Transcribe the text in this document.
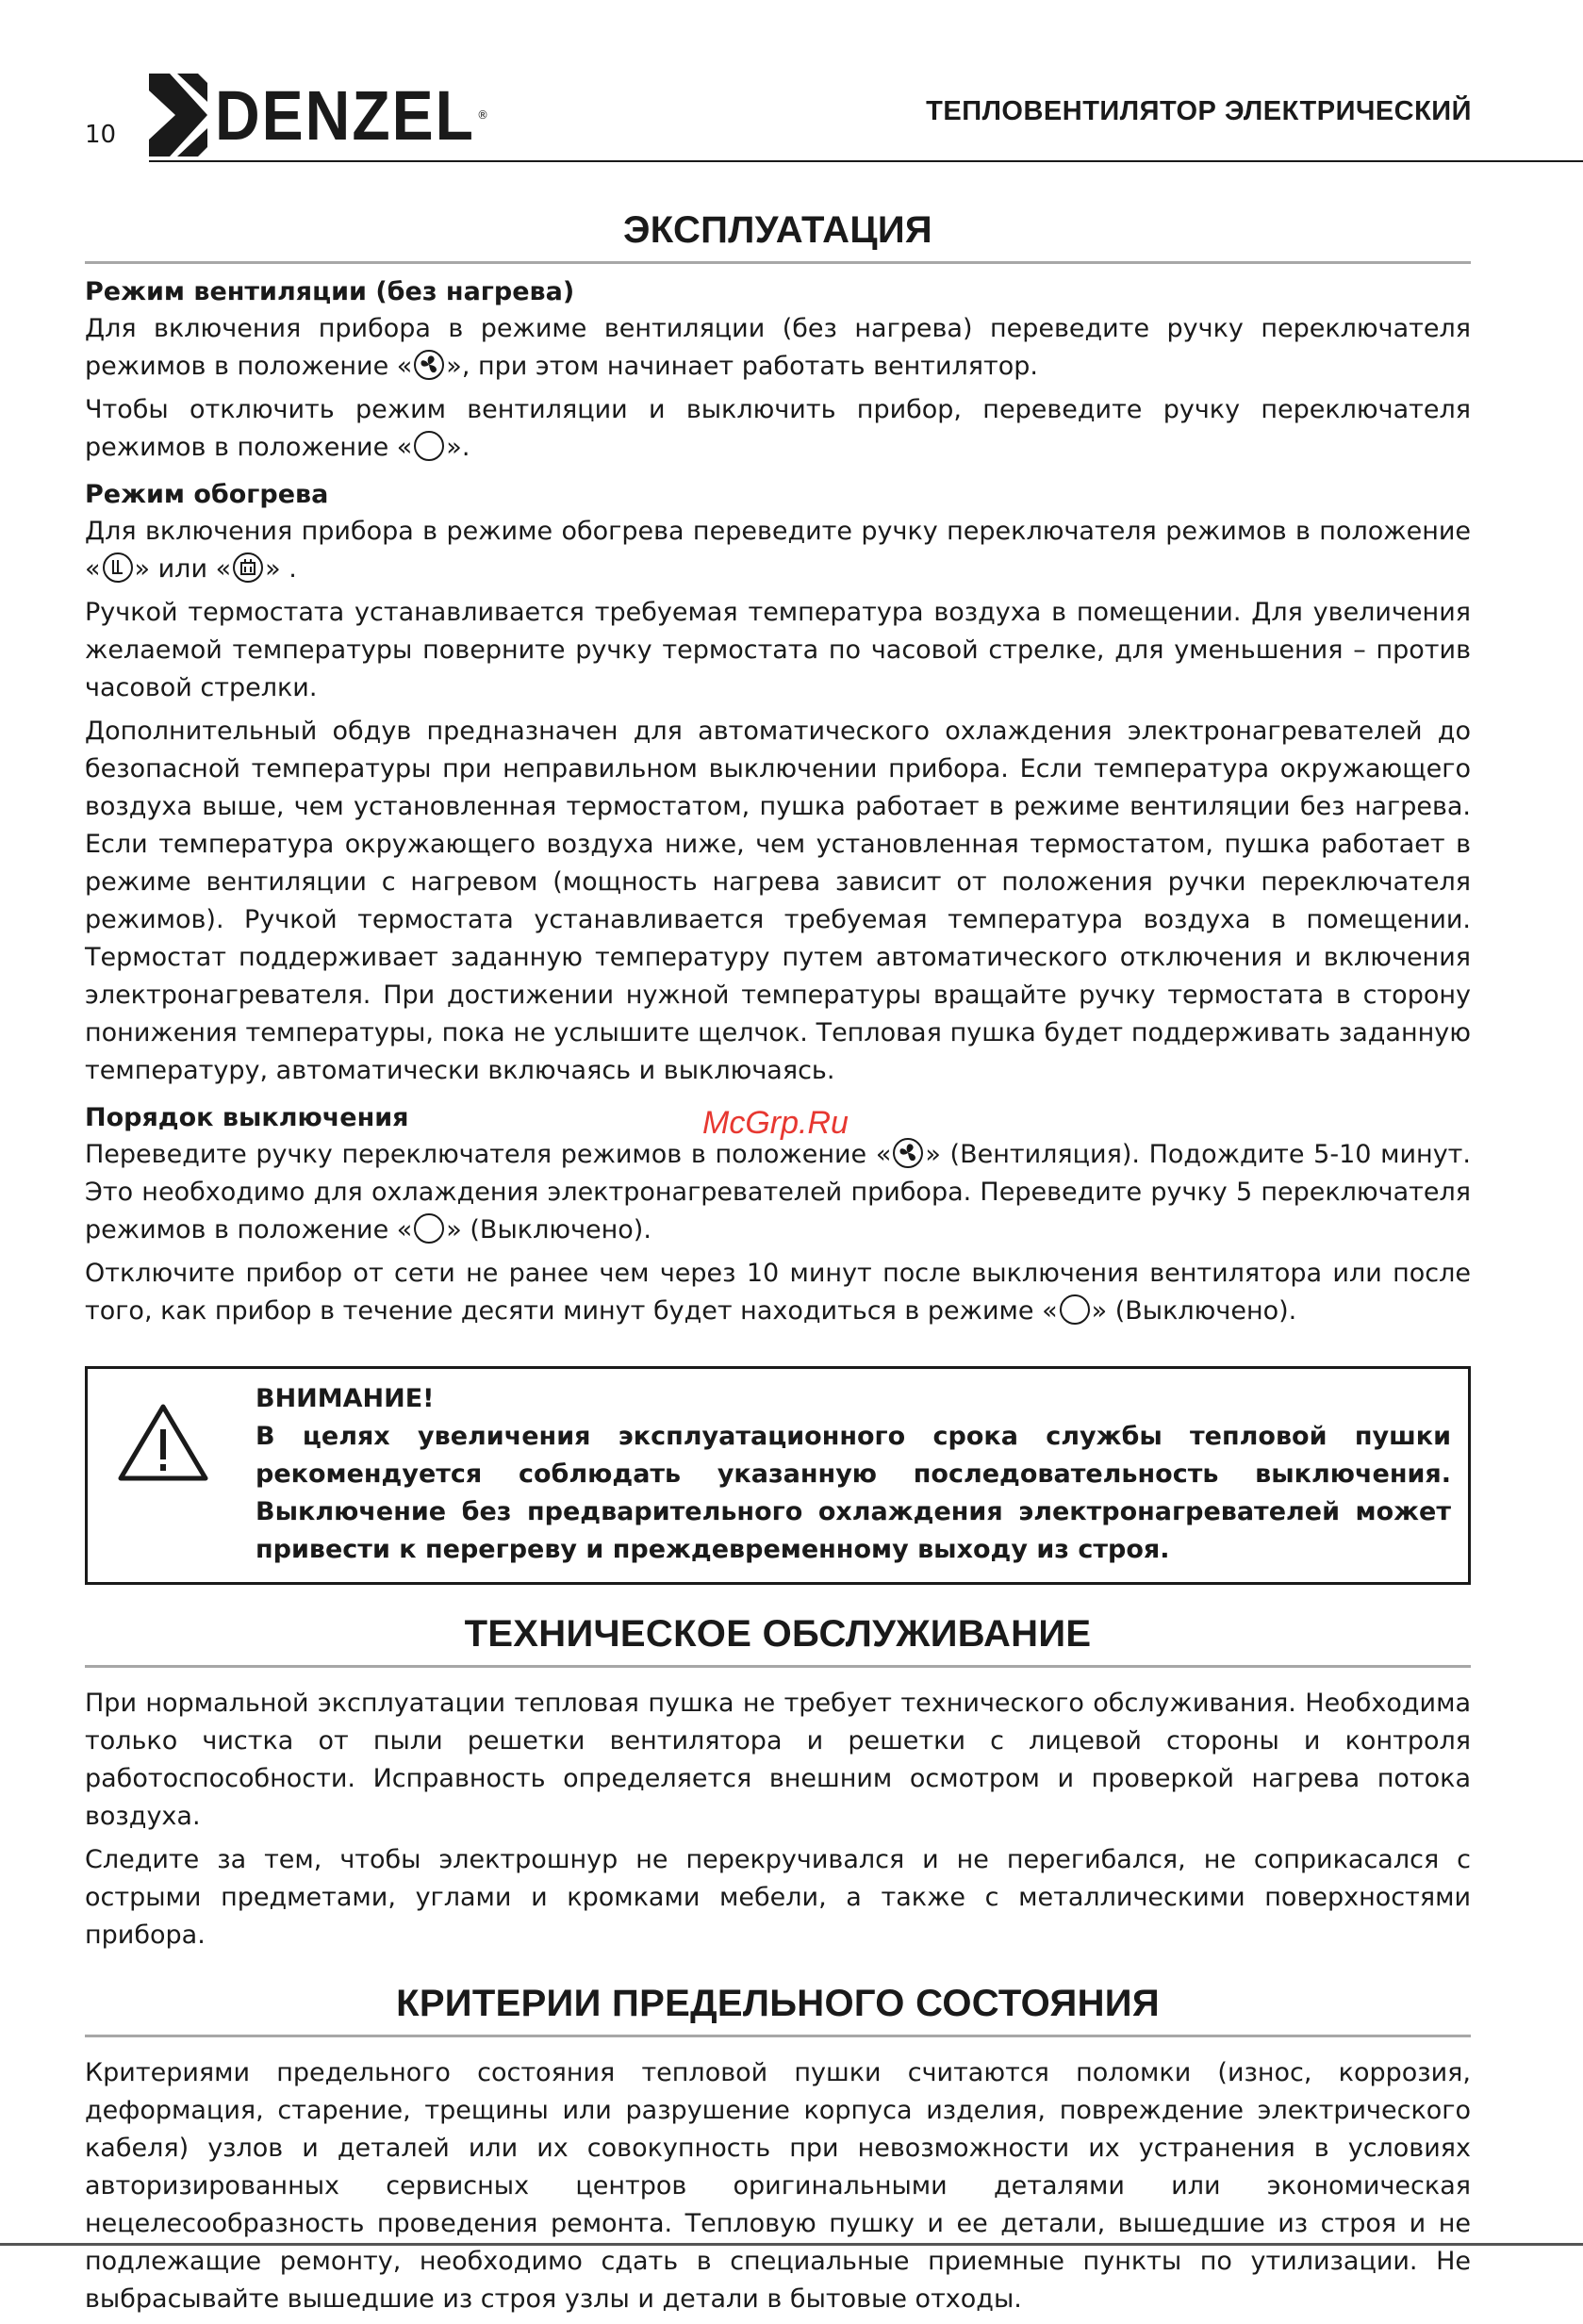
10 DENZEL ®	ТЕПЛОВЕНТИЛЯТОР ЭЛЕКТРИЧЕСКИЙ
McGrp.Ru
ЭКСПЛУАТАЦИЯ
Режим вентиляции (без нагрева)

Для включения прибора в режиме вентиляции (без нагрева) переведите ручку переключателя режимов в положение « », при этом начинает работать вентилятор.

Чтобы отключить режим вентиляции и выключить прибор, переведите ручку переключателя режимов в положение « ».

Режим обогрева

Для включения прибора в режиме обогрева переведите ручку переключателя режимов в положение « » или « » .

Ручкой термостата устанавливается требуемая температура воздуха в помещении. Для увеличения желаемой температуры поверните ручку термостата по часовой стрелке, для уменьшения – против часовой стрелки.

Дополнительный обдув предназначен для автоматического охлаждения электронагревателей до безопасной температуры при неправильном выключении прибора. Если температура окружающего воздуха выше, чем установленная термостатом, пушка работает в режиме вентиляции без нагрева. Если температура окружающего воздуха ниже, чем установленная термостатом, пушка работает в режиме вентиляции с нагревом (мощность нагрева зависит от положения ручки переключателя режимов). Ручкой термостата устанавливается требуемая температура воздуха в помещении. Термостат поддерживает заданную температуру путем автоматического отключения и включения электронагревателя. При достижении нужной температуры вращайте ручку термостата в сторону понижения температуры, пока не услышите щелчок. Тепловая пушка будет поддерживать заданную температуру, автоматически включаясь и выключаясь.

Порядок выключения

Переведите ручку переключателя режимов в положение « » (Вентиляция). Подождите 5-10 минут. Это необходимо для охлаждения электронагревателей прибора. Переведите ручку 5 переключателя режимов в положение « » (Выключено).

Отключите прибор от сети не ранее чем через 10 минут после выключения вентилятора или после того, как прибор в течение десяти минут будет находиться в режиме « » (Выключено).

ВНИМАНИЕ!

В целях увеличения эксплуатационного срока службы тепловой пушки рекомендуется соблюдать указанную последовательность выключения. Выключение без предварительного охлаждения электронагревателей может привести к перегреву и преждевременному выходу из строя.

ТЕХНИЧЕСКОЕ ОБСЛУЖИВАНИЕ

При нормальной эксплуатации тепловая пушка не требует технического обслуживания. Необходима только чистка от пыли решетки вентилятора и решетки с лицевой стороны и контроля работоспособности. Исправность определяется внешним осмотром и проверкой нагрева потока воздуха.

Следите за тем, чтобы электрошнур не перекручивался и не перегибался, не соприкасался с острыми предметами, углами и кромками мебели, а также с металлическими поверхностями прибора.

КРИТЕРИИ ПРЕДЕЛЬНОГО СОСТОЯНИЯ

Критериями предельного состояния тепловой пушки считаются поломки (износ, коррозия, деформация, старение, трещины или разрушение корпуса изделия, повреждение электрического кабеля) узлов и деталей или их совокупность при невозможности их устранения в условиях авторизированных сервисных центров оригинальными деталями или экономическая нецелесообразность проведения ремонта. Тепловую пушку и ее детали, вышедшие из строя и не подлежащие ремонту, необходимо сдать в специальные приемные пункты по утилизации. Не выбрасывайте вышедшие из строя узлы и детали в бытовые отходы.
